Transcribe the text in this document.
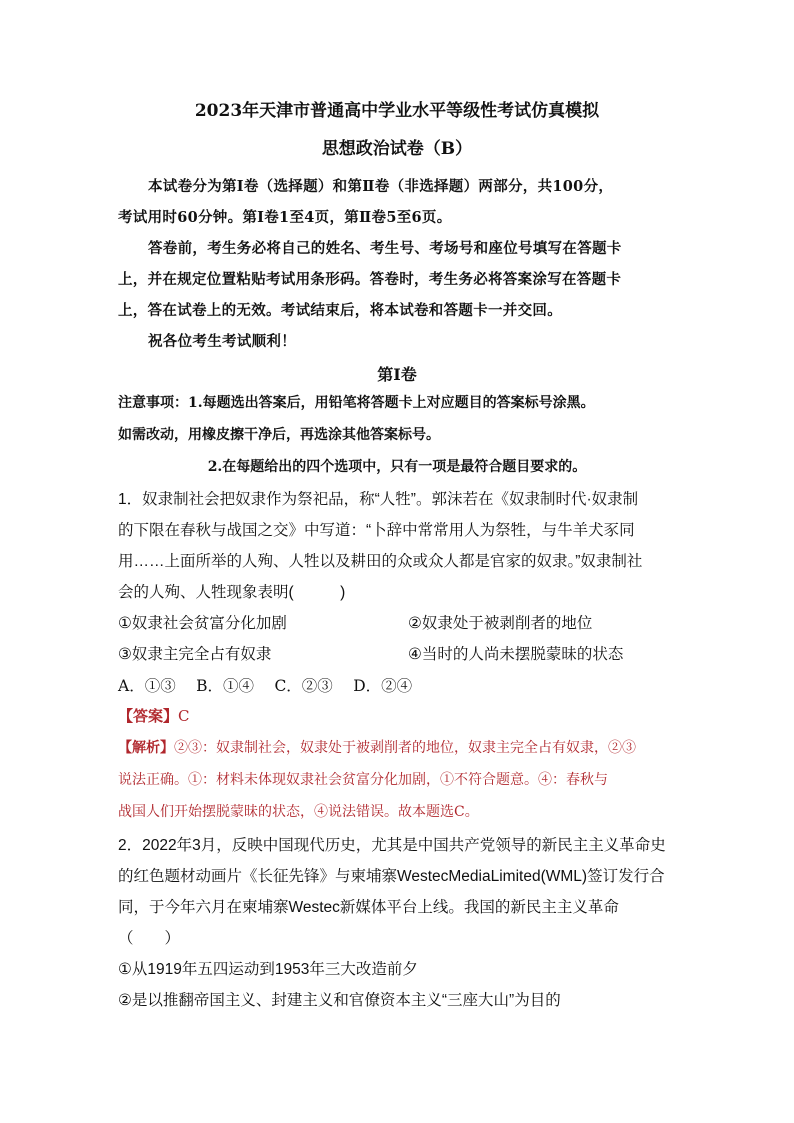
2023年天津市普通高中学业水平等级性考试仿真模拟
思想政治试卷（B）
本试卷分为第Ⅰ卷（选择题）和第Ⅱ卷（非选择题）两部分，共100分，
考试用时60分钟。第Ⅰ卷1至4页，第Ⅱ卷5至6页。
答卷前，考生务必将自己的姓名、考生号、考场号和座位号填写在答题卡
上，并在规定位置粘贴考试用条形码。答卷时，考生务必将答案涂写在答题卡
上，答在试卷上的无效。考试结束后，将本试卷和答题卡一并交回。
祝各位考生考试顺利！
第Ⅰ卷
注意事项：1.每题选出答案后，用铅笔将答题卡上对应题目的答案标号涂黑。
如需改动，用橡皮擦干净后，再选涂其他答案标号。
2.在每题给出的四个选项中，只有一项是最符合题目要求的。
1．奴隶制社会把奴隶作为祭祀品，称“人牲”。郭沫若在《奴隶制时代·奴隶制
的下限在春秋与战国之交》中写道：“卜辞中常常用人为祭牲，与牛羊犬豕同
用……上面所举的人殉、人牲以及耕田的众或众人都是官家的奴隶。”奴隶制社
会的人殉、人牲现象表明(　　　)
①奴隶社会贫富分化加剧	②奴隶处于被剥削者的地位
③奴隶主完全占有奴隶	④当时的人尚未摆脱蒙昧的状态
A．①③　 B．①④　 C．②③　 D．②④
【答案】C
【解析】②③：奴隶制社会，奴隶处于被剥削者的地位，奴隶主完全占有奴隶，②③
说法正确。①：材料未体现奴隶社会贫富分化加剧，①不符合题意。④：春秋与
战国人们开始摆脱蒙昧的状态，④说法错误。故本题选C。
2．2022年3月，反映中国现代历史，尤其是中国共产党领导的新民主主义革命史
的红色题材动画片《长征先锋》与柬埔寨WestecMediaLimited(WML)签订发行合
同，于今年六月在柬埔寨Westec新媒体平台上线。我国的新民主主义革命
（　　）
①从1919年五四运动到1953年三大改造前夕
②是以推翻帝国主义、封建主义和官僚资本主义“三座大山”为目的
